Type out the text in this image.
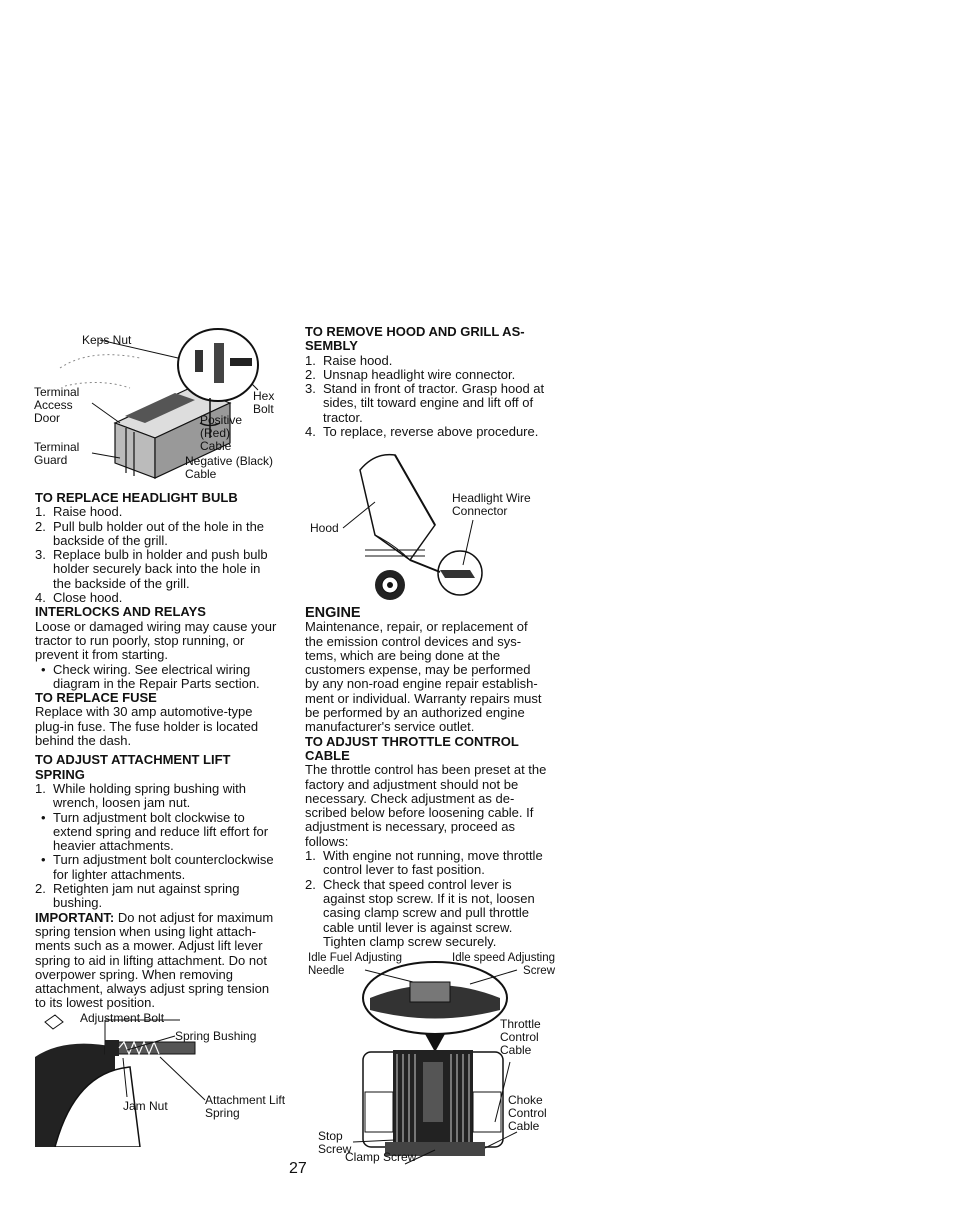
Keps Nut
Terminal
Access
Door
Terminal
Guard
Hex
Bolt
Positive
(Red)
Cable
Negative (Black)
Cable
TO REPLACE HEADLIGHT BULB
1. Raise hood.
2. Pull bulb holder out of the hole in the
backside of the grill.
3. Replace bulb in holder and push bulb
holder securely back into the hole in
the backside of the grill.
4. Close hood.
INTERLOCKS AND RELAYS

Loose or damaged wiring may cause your
tractor to run poorly, stop running, or
prevent it from starting.

• Check wiring. See electrical wiring
diagram in the Repair Parts section.
TO REPLACE FUSE

Replace with 30 amp automotive-type
plug-in fuse. The fuse holder is located
behind the dash.

TO ADJUST ATTACHMENT LIFT
SPRING
1. While holding spring bushing with
wrench, loosen jam nut.
• Turn adjustment bolt clockwise to
extend spring and reduce lift effort for
heavier attachments.
• Turn adjustment bolt counterclockwise
for lighter attachments.
2. Retighten jam nut against spring
bushing.

IMPORTANT: Do not adjust for maximum
spring tension when using light attach-
ments such as a mower. Adjust lift lever
spring to aid in lifting attachment. Do not
overpower spring. When removing
attachment, always adjust spring tension
to its lowest position.

Adjustment Bolt
Spring Bushing
Jam Nut	Attachment Lift
Spring
27
TO REMOVE HOOD AND GRILL AS-
SEMBLY
1. Raise hood.
2. Unsnap headlight wire connector.
3. Stand in front of tractor. Grasp hood at
sides, tilt toward engine and lift off of
tractor.
4. To replace, reverse above procedure.
Hood
Headlight Wire
Connector
ENGINE

Maintenance, repair, or replacement of
the emission control devices and sys-
tems, which are being done at the
customers expense, may be performed
by any non-road engine repair establish-
ment or individual. Warranty repairs must
be performed by an authorized engine
manufacturer's service outlet.

TO ADJUST THROTTLE CONTROL
CABLE

The throttle control has been preset at the
factory and adjustment should not be
necessary. Check adjustment as de-
scribed below before loosening cable. If
adjustment is necessary, proceed as
follows:

1. With engine not running, move throttle
control lever to fast position.
2. Check that speed control lever is
against stop screw. If it is not, loosen
casing clamp screw and pull throttle
cable until lever is against screw.
Tighten clamp screw securely.
Idle Fuel Adjusting
Needle
Idle speed Adjusting
Screw
Throttle
Control
Cable
Choke
Control
Cable
Stop
Screw
Clamp Screw
